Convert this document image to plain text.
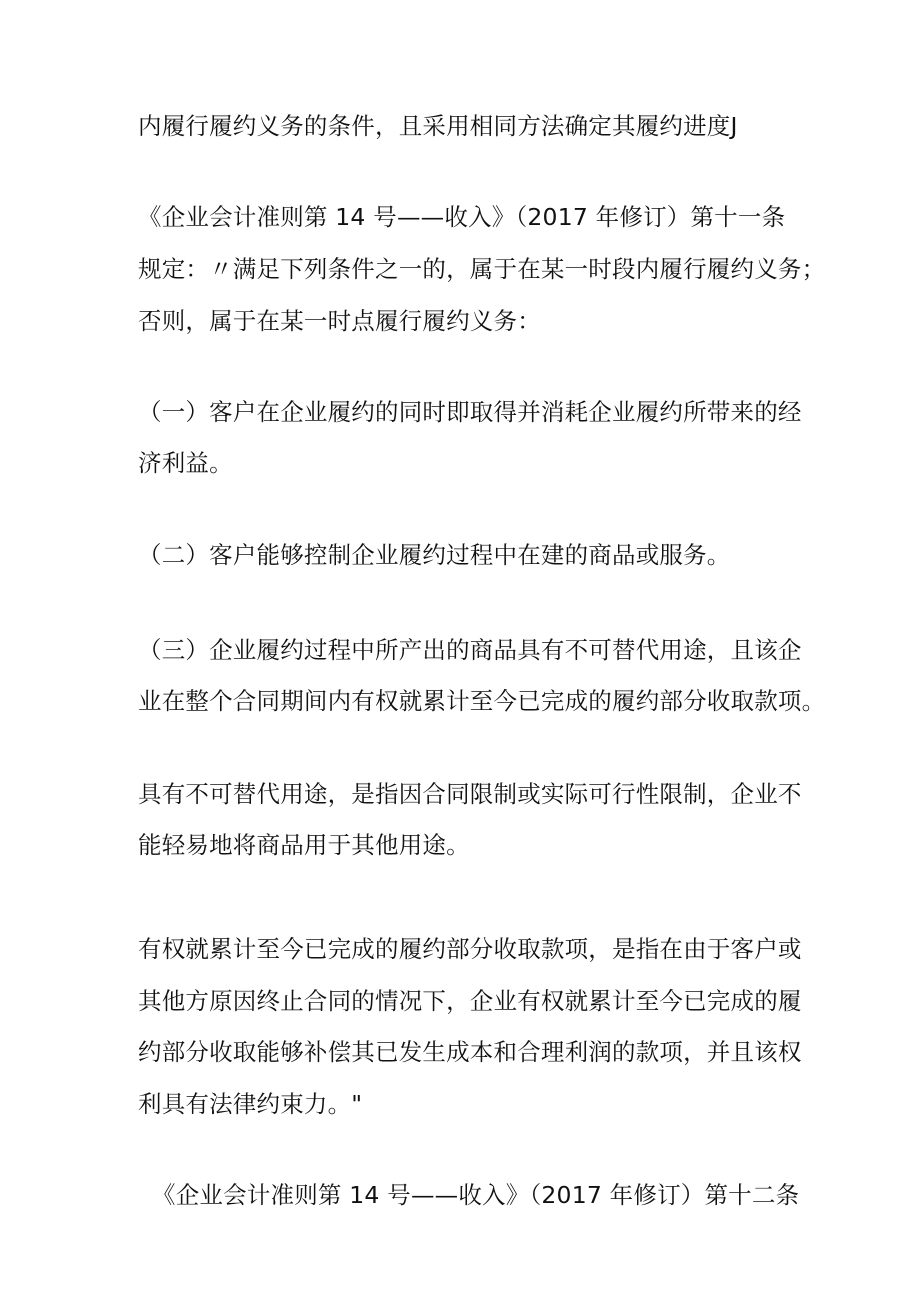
内履行履约义务的条件，且采用相同方法确定其履约进度J
《企业会计准则第 14 号——收入》（2017 年修订）第十一条
规定：〃满足下列条件之一的，属于在某一时段内履行履约义务；
否则，属于在某一时点履行履约义务：
（一）客户在企业履约的同时即取得并消耗企业履约所带来的经
济利益。
（二）客户能够控制企业履约过程中在建的商品或服务。
（三）企业履约过程中所产出的商品具有不可替代用途，且该企
业在整个合同期间内有权就累计至今已完成的履约部分收取款项。
具有不可替代用途，是指因合同限制或实际可行性限制，企业不
能轻易地将商品用于其他用途。
有权就累计至今已完成的履约部分收取款项，是指在由于客户或
其他方原因终止合同的情况下，企业有权就累计至今已完成的履
约部分收取能够补偿其已发生成本和合理利润的款项，并且该权
利具有法律约束力。"
《企业会计准则第 14 号——收入》（2017 年修订）第十二条
